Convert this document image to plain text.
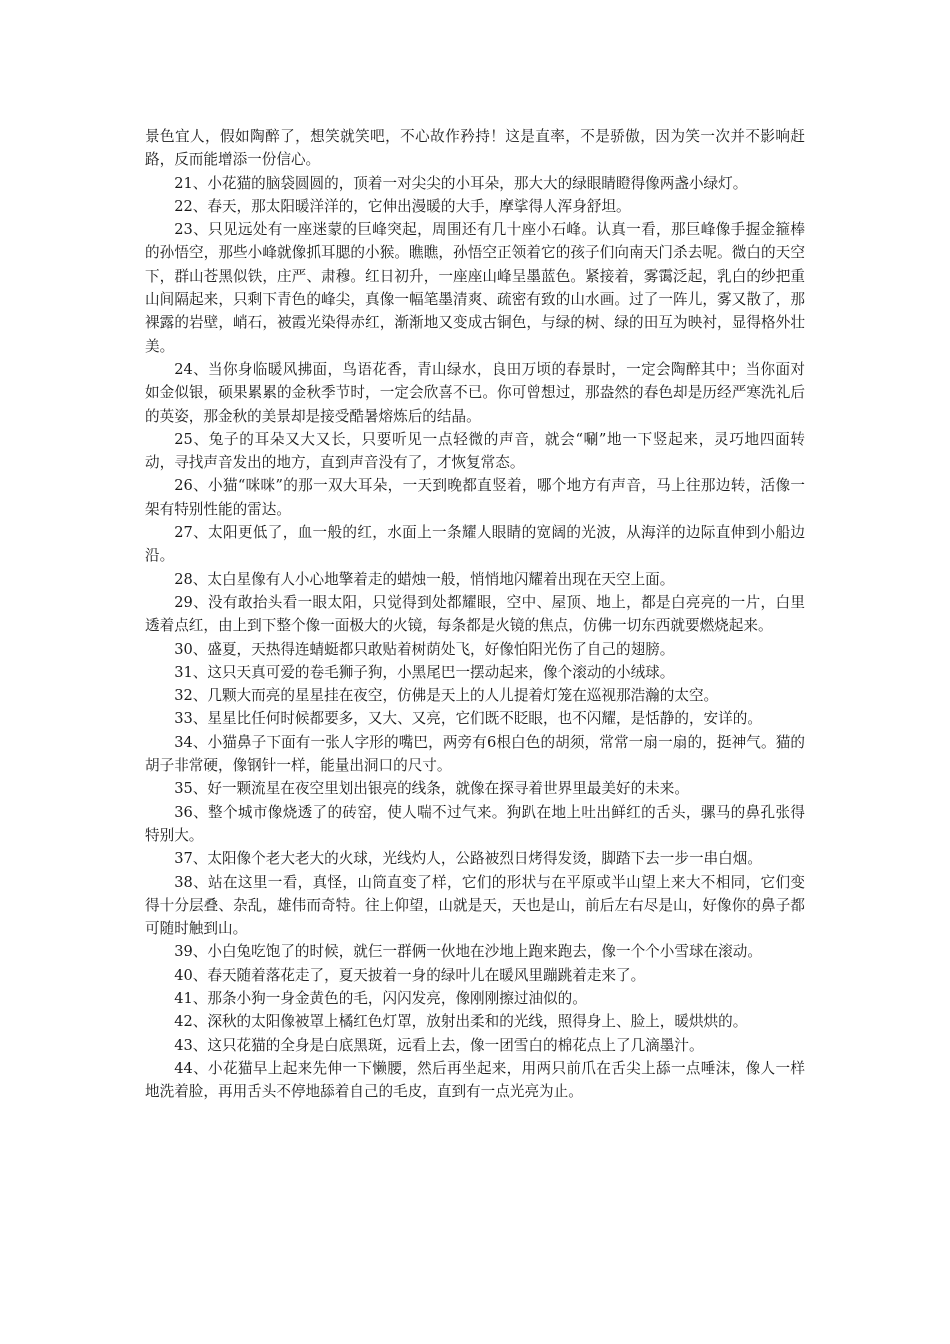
景色宜人，假如陶醉了，想笑就笑吧，不心故作矜持！这是直率，不是骄傲，因为笑一次并不影响赶路，反而能增添一份信心。

21、小花猫的脑袋圆圆的，顶着一对尖尖的小耳朵，那大大的绿眼睛瞪得像两盏小绿灯。

22、春天，那太阳暖洋洋的，它伸出漫暖的大手，摩挲得人浑身舒坦。

23、只见远处有一座迷蒙的巨峰突起，周围还有几十座小石峰。认真一看，那巨峰像手握金箍棒的孙悟空，那些小峰就像抓耳腮的小猴。瞧瞧，孙悟空正领着它的孩子们向南天门杀去呢。微白的天空下，群山苍黑似铁，庄严、肃穆。红日初升，一座座山峰呈墨蓝色。紧接着，雾霭泛起，乳白的纱把重山间隔起来，只剩下青色的峰尖，真像一幅笔墨清爽、疏密有致的山水画。过了一阵儿，雾又散了，那裸露的岩壁，峭石，被霞光染得赤红，渐渐地又变成古铜色，与绿的树、绿的田互为映衬，显得格外壮美。

24、当你身临暖风拂面，鸟语花香，青山绿水，良田万顷的春景时，一定会陶醉其中；当你面对如金似银，硕果累累的金秋季节时，一定会欣喜不已。你可曾想过，那盎然的春色却是历经严寒洗礼后的英姿，那金秋的美景却是接受酷暑熔炼后的结晶。

25、兔子的耳朵又大又长，只要听见一点轻微的声音，就会“唰”地一下竖起来，灵巧地四面转动，寻找声音发出的地方，直到声音没有了，才恢复常态。

26、小猫“咪咪”的那一双大耳朵，一天到晚都直竖着，哪个地方有声音，马上往那边转，活像一架有特别性能的雷达。

27、太阳更低了，血一般的红，水面上一条耀人眼睛的宽阔的光波，从海洋的边际直伸到小船边沿。

28、太白星像有人小心地擎着走的蜡烛一般，悄悄地闪耀着出现在天空上面。

29、没有敢抬头看一眼太阳，只觉得到处都耀眼，空中、屋顶、地上，都是白亮亮的一片，白里透着点红，由上到下整个像一面极大的火镜，每条都是火镜的焦点，仿佛一切东西就要燃烧起来。

30、盛夏，天热得连蜻蜓都只敢贴着树荫处飞，好像怕阳光伤了自己的翅膀。

31、这只天真可爱的卷毛狮子狗，小黑尾巴一摆动起来，像个滚动的小绒球。

32、几颗大而亮的星星挂在夜空，仿佛是天上的人儿提着灯笼在巡视那浩瀚的太空。

33、星星比任何时候都要多，又大、又亮，它们既不眨眼，也不闪耀，是恬静的，安详的。

34、小猫鼻子下面有一张人字形的嘴巴，两旁有6根白色的胡须，常常一扇一扇的，挺神气。猫的胡子非常硬，像钢针一样，能量出洞口的尺寸。

35、好一颗流星在夜空里划出银亮的线条，就像在探寻着世界里最美好的未来。

36、整个城市像烧透了的砖窑，使人喘不过气来。狗趴在地上吐出鲜红的舌头，骡马的鼻孔张得特别大。

37、太阳像个老大老大的火球，光线灼人，公路被烈日烤得发烫，脚踏下去一步一串白烟。

38、站在这里一看，真怪，山筒直变了样，它们的形状与在平原或半山望上来大不相同，它们变得十分层叠、杂乱，雄伟而奇特。往上仰望，山就是天，天也是山，前后左右尽是山，好像你的鼻子都可随时触到山。

39、小白兔吃饱了的时候，就仨一群俩一伙地在沙地上跑来跑去，像一个个小雪球在滚动。

40、春天随着落花走了，夏天披着一身的绿叶儿在暖风里蹦跳着走来了。

41、那条小狗一身金黄色的毛，闪闪发亮，像刚刚擦过油似的。

42、深秋的太阳像被罩上橘红色灯罩，放射出柔和的光线，照得身上、脸上，暖烘烘的。

43、这只花猫的全身是白底黑斑，远看上去，像一团雪白的棉花点上了几滴墨汁。

44、小花猫早上起来先伸一下懒腰，然后再坐起来，用两只前爪在舌尖上舔一点唾沫，像人一样地洗着脸，再用舌头不停地舔着自己的毛皮，直到有一点光亮为止。
